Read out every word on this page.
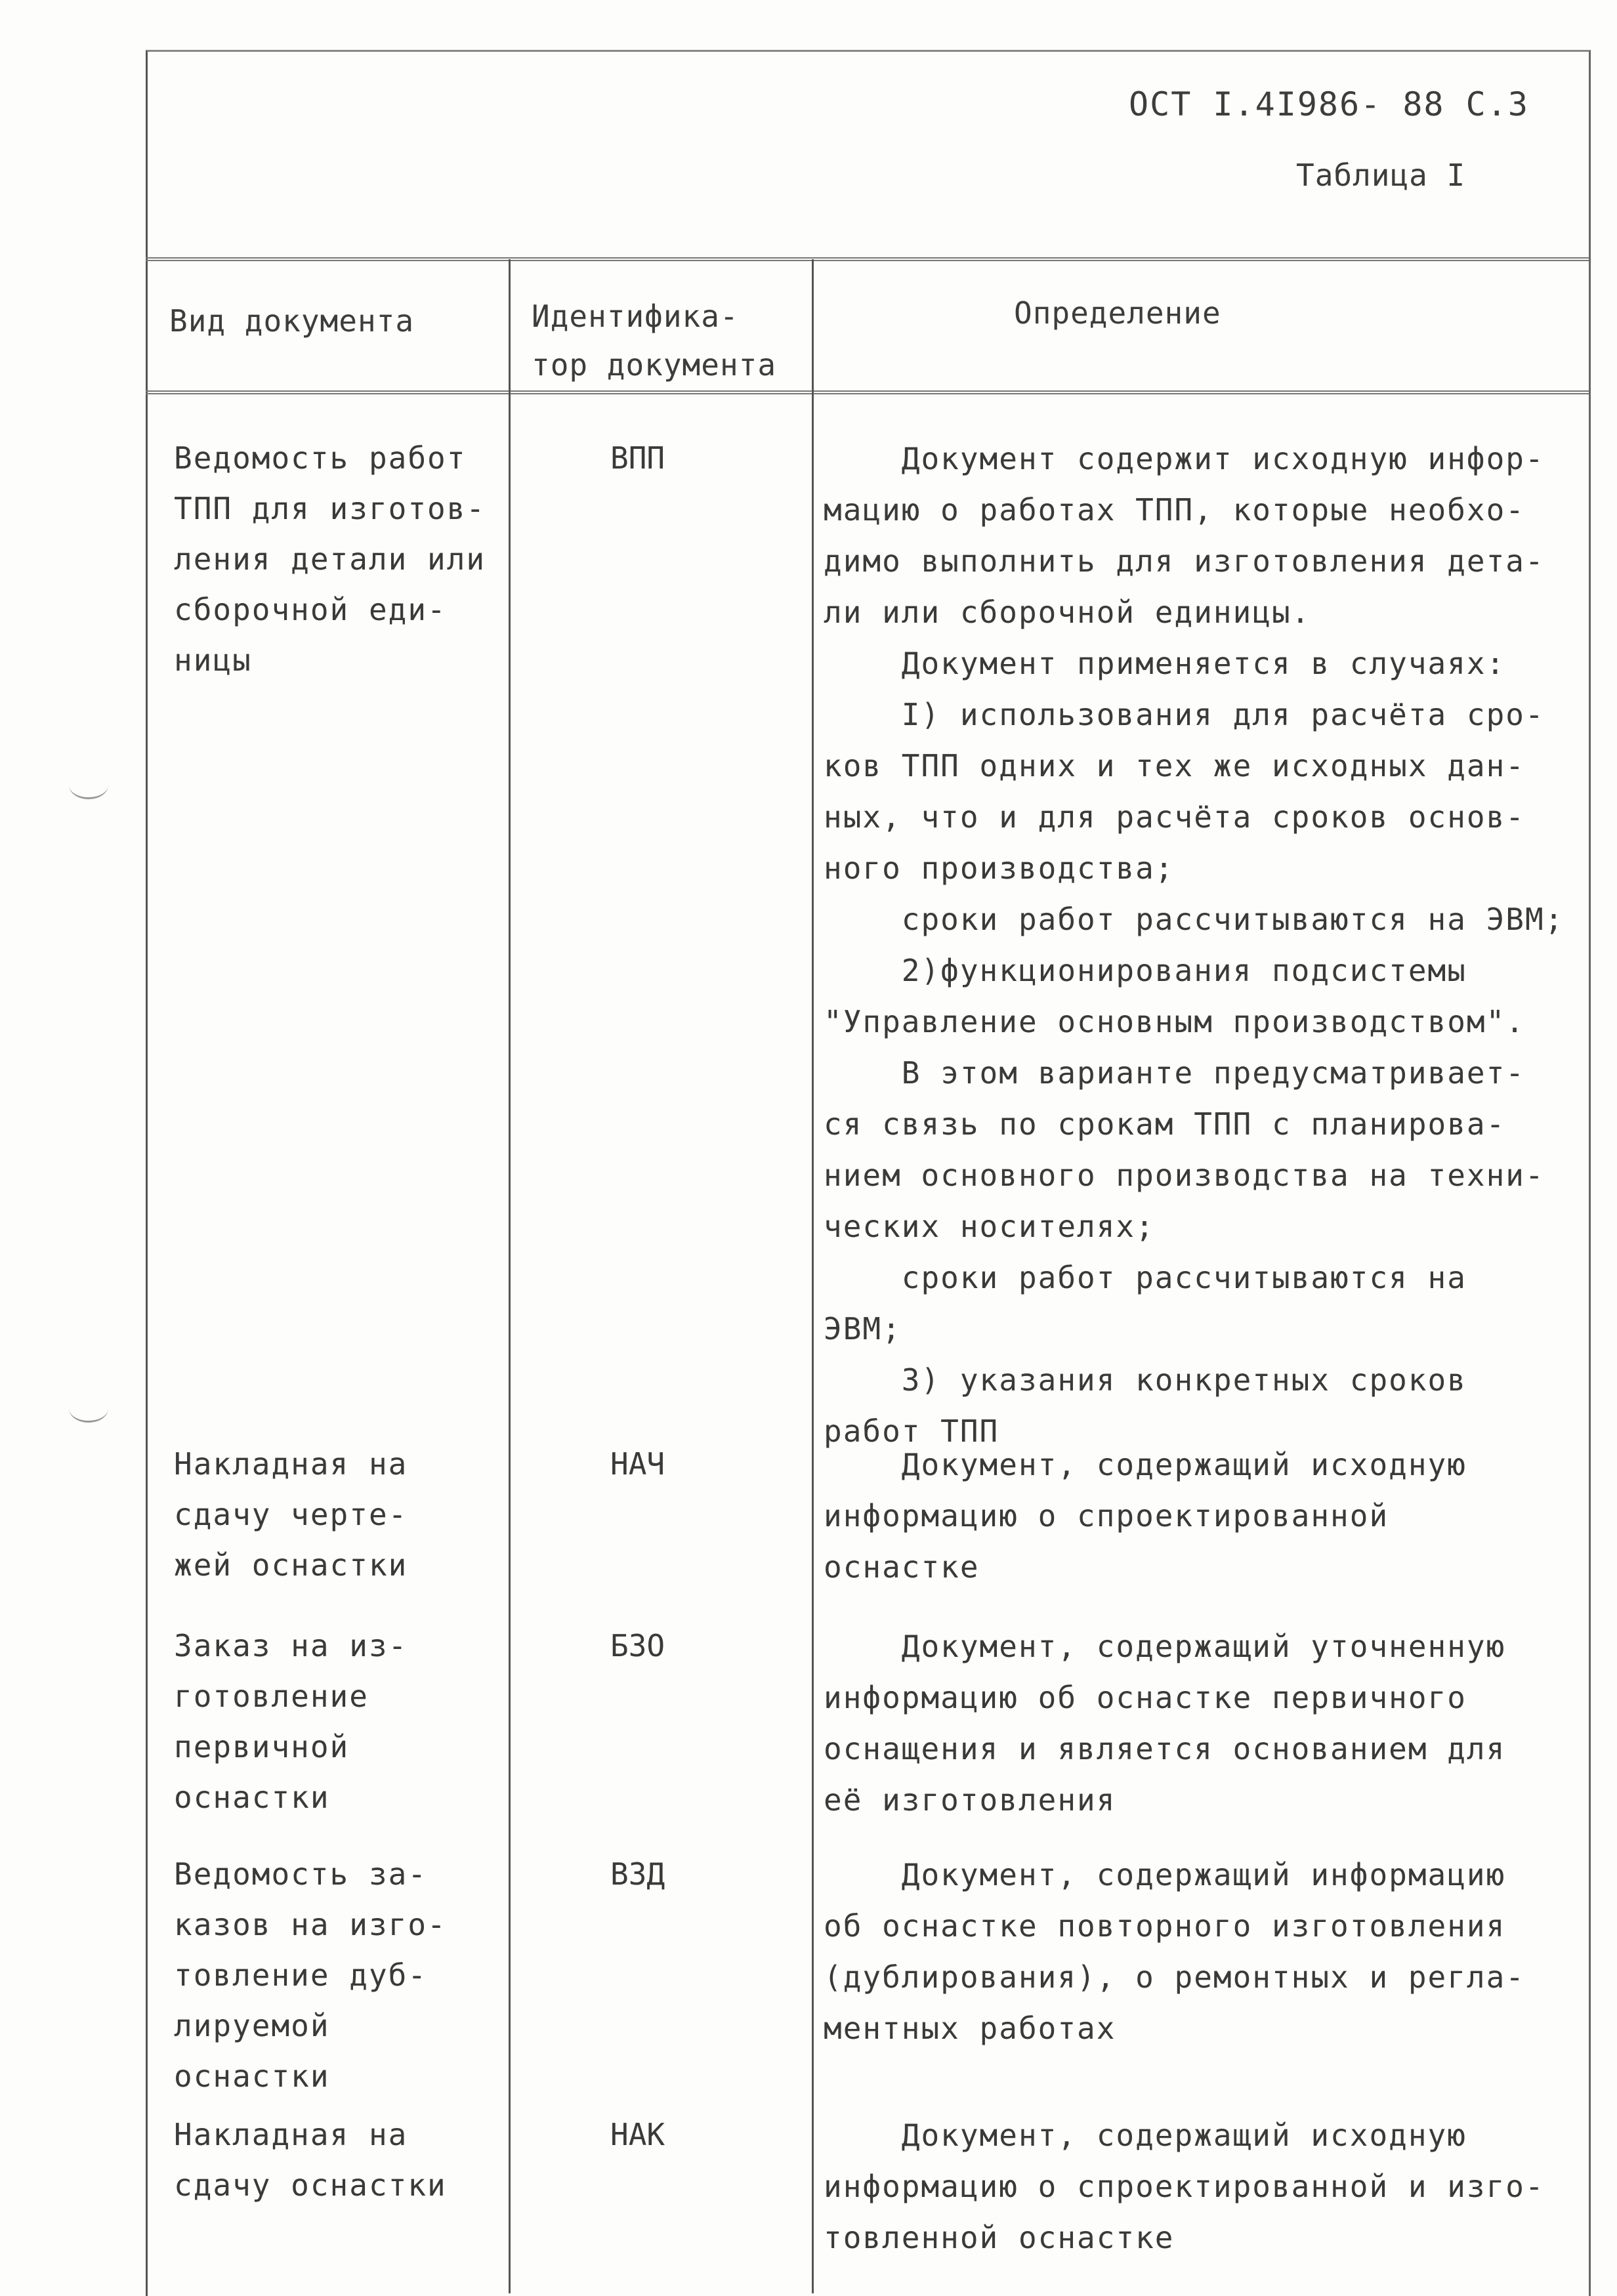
ОСТ I.4I986- 88 С.3
Таблица I
Вид документа	Идентифика-
тор документа
Определение
Ведомость работ
ТПП для изготов-
ления детали или
сборочной еди-
ницы
ВПП	Документ содержит исходную инфор-
мацию о работах ТПП, которые необхо-
димо выполнить для изготовления дета-
ли или сборочной единицы.
Документ применяется в случаях:
I) использования для расчёта сро-
ков ТПП одних и тех же исходных дан-
ных, что и для расчёта сроков основ-
ного производства;
сроки работ рассчитываются на ЭВМ;
2)функционирования подсистемы
"Управление основным производством".
В этом варианте предусматривает-
ся связь по срокам ТПП с планирова-
нием основного производства на техни-
ческих носителях;
сроки работ рассчитываются на
ЭВМ;
3) указания конкретных сроков
работ ТПП
Накладная на
сдачу черте-
жей оснастки
НАЧ	Документ, содержащий исходную
информацию о спроектированной
оснастке
Заказ на из-
готовление
первичной
оснастки
БЗО	Документ, содержащий уточненную
информацию об оснастке первичного
оснащения и является основанием для
её изготовления
Ведомость за-
казов на изго-
товление дуб-
лируемой
оснастки
ВЗД	Документ, содержащий информацию
об оснастке повторного изготовления
(дублирования), о ремонтных и регла-
ментных работах
Накладная на
сдачу оснастки
НАК	Документ, содержащий исходную
информацию о спроектированной и изго-
товленной оснастке
